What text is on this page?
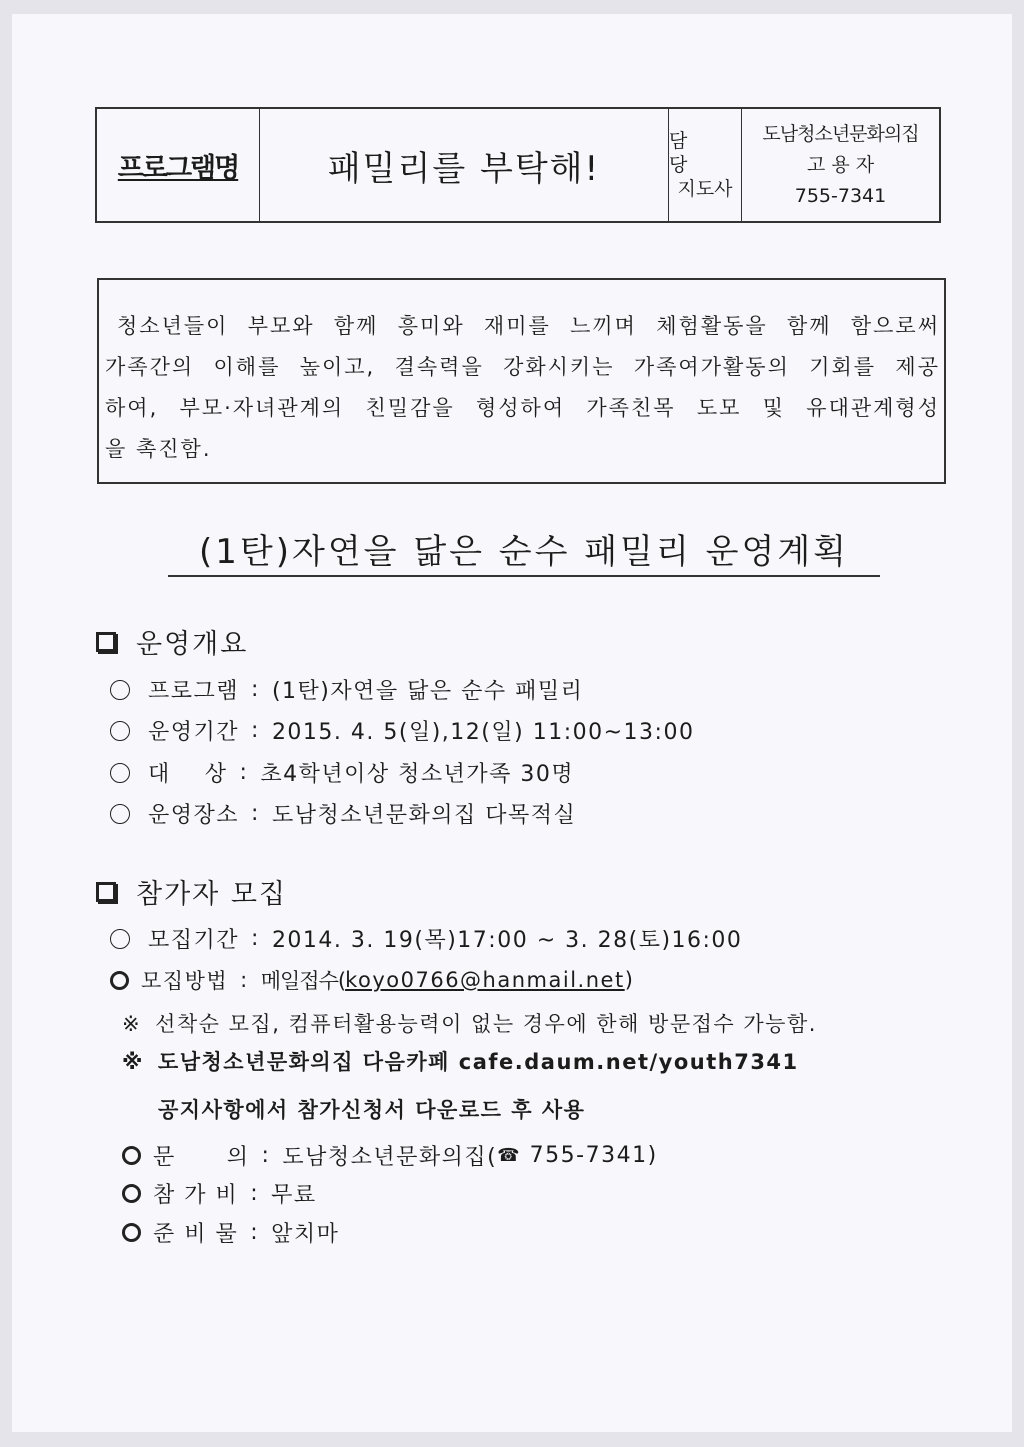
프로그램명	패밀리를 부탁해!
담 당
지도사
도남청소년문화의집
고 용 자
755-7341

청소년들이 부모와 함께 흥미와 재미를 느끼며 체험활동을 함께 함으로써

가족간의 이해를 높이고, 결속력을 강화시키는 가족여가활동의 기회를 제공

하여, 부모·자녀관계의 친밀감을 형성하여 가족친목 도모 및 유대관계형성

을 촉진함.

(1탄)자연을 닮은 순수 패밀리 운영계획
운영개요
프로그램 : (1탄)자연을 닮은 순수 패밀리
운영기간 : 2015. 4. 5(일),12(일) 11:00~13:00
대    상 : 초4학년이상 청소년가족 30명
운영장소 : 도남청소년문화의집 다목적실
참가자 모집
모집기간 : 2014. 3. 19(목)17:00 ~ 3. 28(토)16:00
모집방법 : 메일접수( koyo0766@hanmail.net )
※ 선착순 모집, 컴퓨터활용능력이 없는 경우에 한해 방문접수 가능함.
※ 도남청소년문화의집 다음카페 cafe.daum.net/youth7341
공지사항에서 참가신청서 다운로드 후 사용
문      의 : 도남청소년문화의집( ☎
755-7341)
참 가 비 : 무료
준 비 물 : 앞치마
